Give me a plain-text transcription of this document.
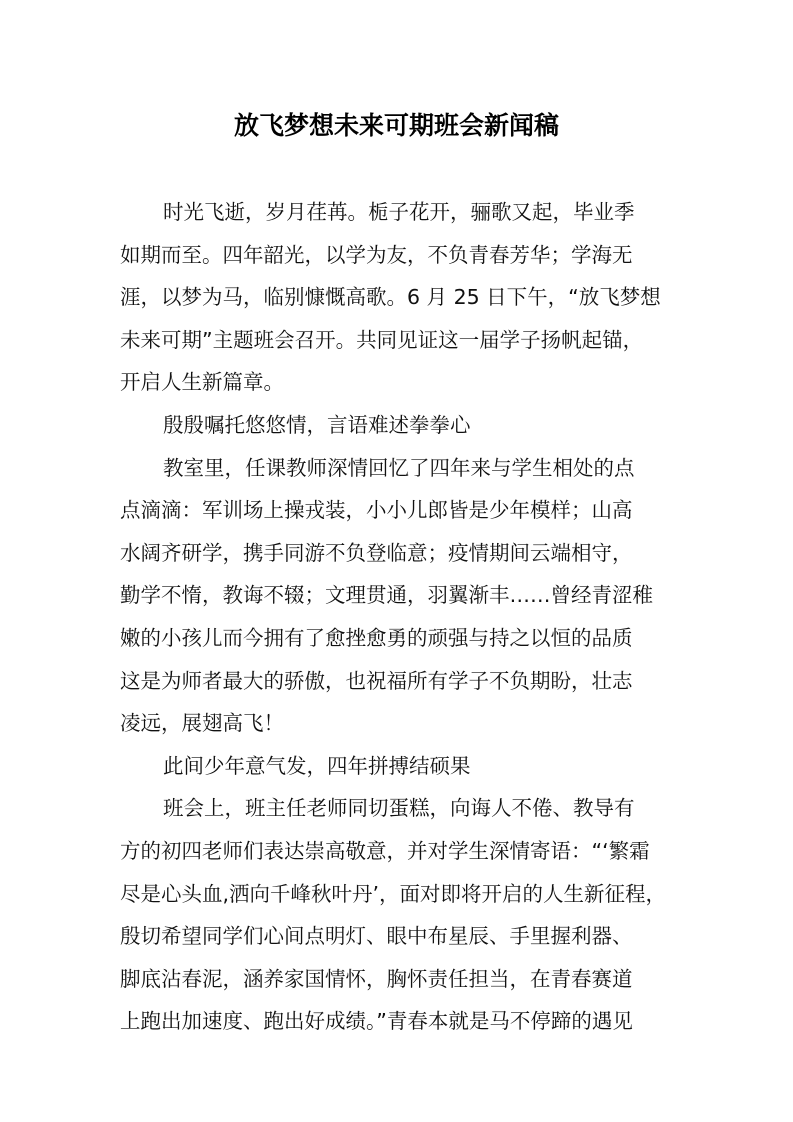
放飞梦想未来可期班会新闻稿
时光飞逝，岁月荏苒。栀子花开，骊歌又起，毕业季
如期而至。四年韶光，以学为友，不负青春芳华；学海无
涯，以梦为马，临别慷慨高歌。6 月 25 日下午，“放飞梦想
未来可期”主题班会召开。共同见证这一届学子扬帆起锚，
开启人生新篇章。
殷殷嘱托悠悠情，言语难述拳拳心
教室里，任课教师深情回忆了四年来与学生相处的点
点滴滴：军训场上操戎装，小小儿郎皆是少年模样；山高
水阔齐研学，携手同游不负登临意；疫情期间云端相守，
勤学不惰，教诲不辍；文理贯通，羽翼渐丰……曾经青涩稚
嫩的小孩儿而今拥有了愈挫愈勇的顽强与持之以恒的品质
这是为师者最大的骄傲，也祝福所有学子不负期盼，壮志
凌远，展翅高飞！
此间少年意气发，四年拼搏结硕果
班会上，班主任老师同切蛋糕，向诲人不倦、教导有
方的初四老师们表达崇高敬意，并对学生深情寄语：“‘繁霜
尽是心头血,洒向千峰秋叶丹’，面对即将开启的人生新征程，
殷切希望同学们心间点明灯、眼中布星辰、手里握利器、
脚底沾春泥，涵养家国情怀，胸怀责任担当，在青春赛道
上跑出加速度、跑出好成绩。”青春本就是马不停蹄的遇见
